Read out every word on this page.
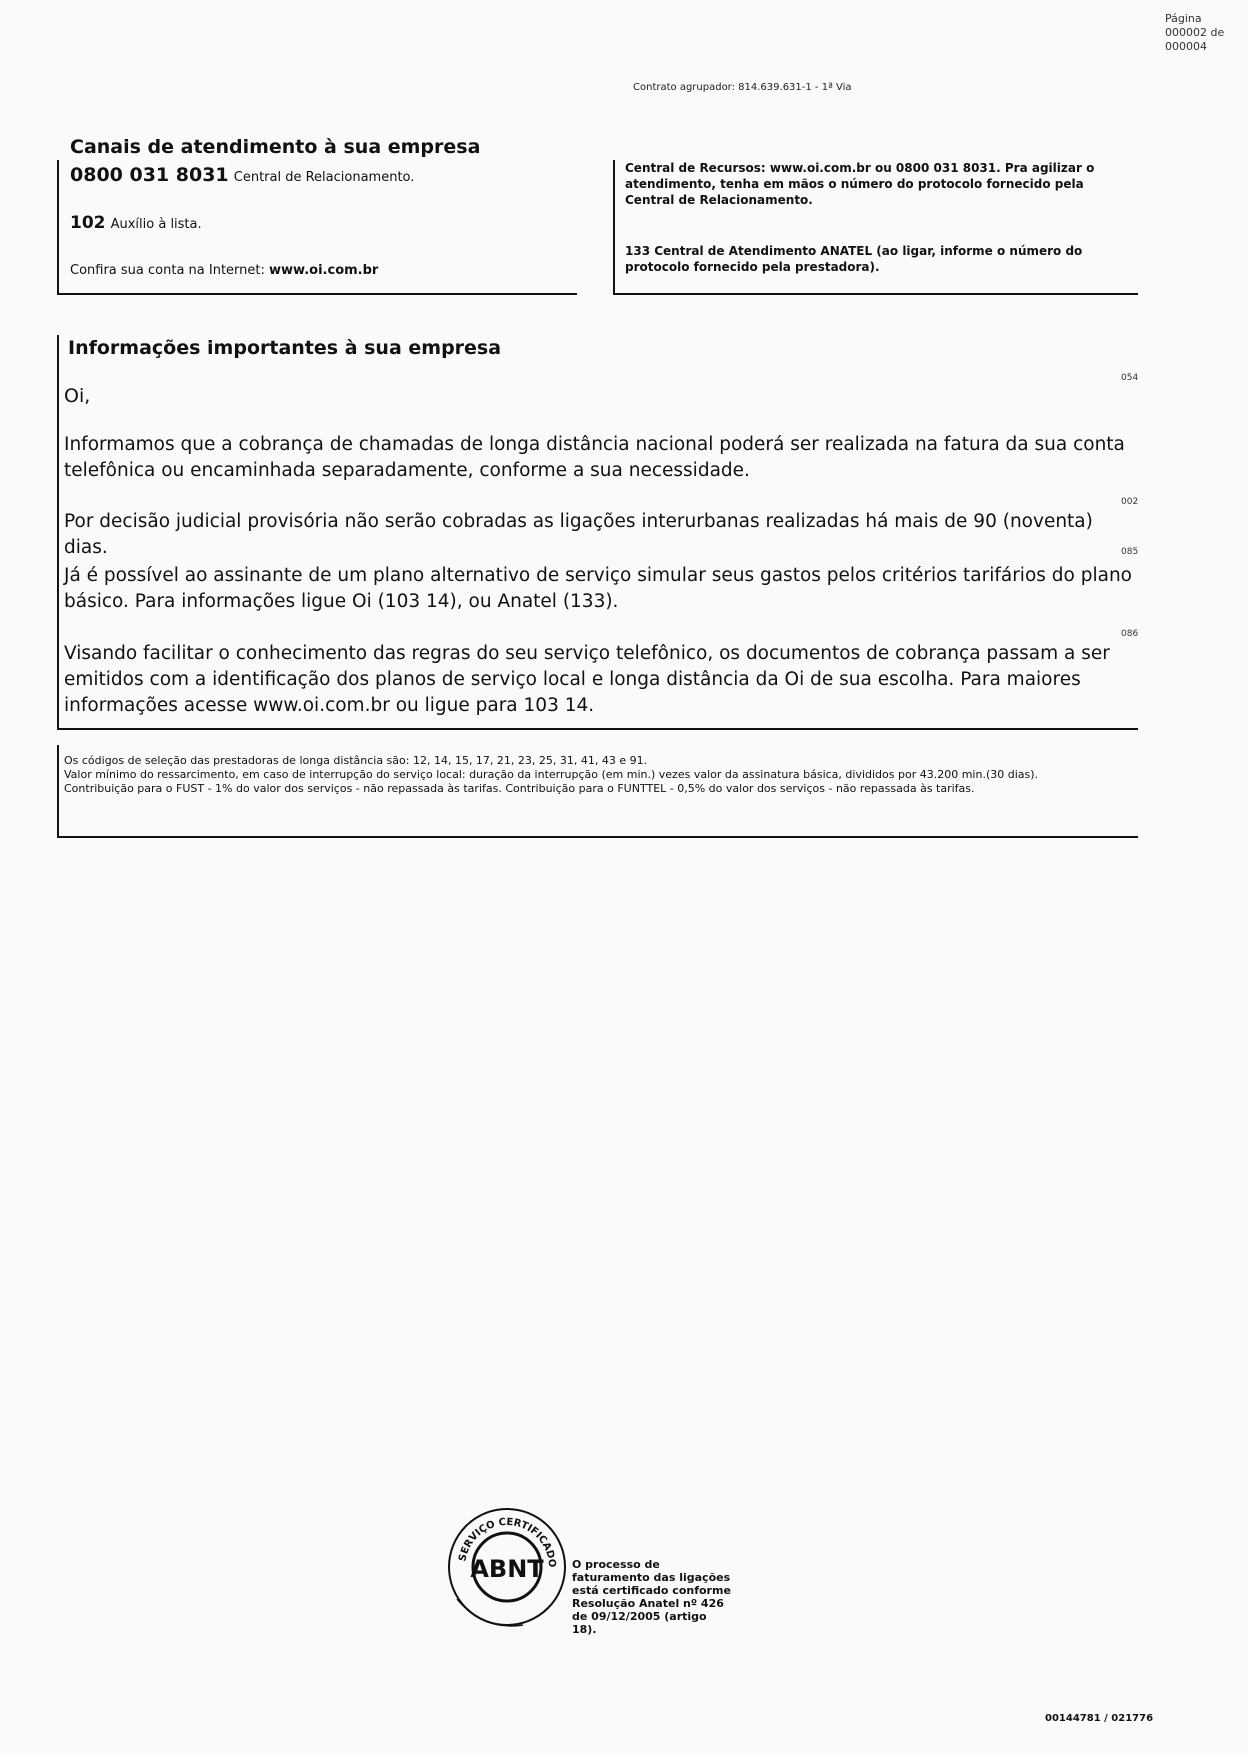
Página
000002 de
000004
Contrato agrupador: 814.639.631-1 - 1ª Via
Canais de atendimento à sua empresa
0800 031 8031 Central de Relacionamento.
102 Auxílio à lista.
Confira sua conta na Internet: www.oi.com.br
Central de Recursos: www.oi.com.br ou 0800 031 8031. Pra agilizar o atendimento, tenha em mãos o número do protocolo fornecido pela Central de Relacionamento.
133 Central de Atendimento ANATEL (ao ligar, informe o número do protocolo fornecido pela prestadora).
Informações importantes à sua empresa
054
002
085
086
Oi,
Informamos que a cobrança de chamadas de longa distância nacional poderá ser realizada na fatura da sua conta telefônica ou encaminhada separadamente, conforme a sua necessidade.
Por decisão judicial provisória não serão cobradas as ligações interurbanas realizadas há mais de 90 (noventa) dias.
Já é possível ao assinante de um plano alternativo de serviço simular seus gastos pelos critérios tarifários do plano básico. Para informações ligue Oi (103 14), ou Anatel (133).
Visando facilitar o conhecimento das regras do seu serviço telefônico, os documentos de cobrança passam a ser emitidos com a identificação dos planos de serviço local e longa distância da Oi de sua escolha. Para maiores informações acesse www.oi.com.br ou ligue para 103 14.
Os códigos de seleção das prestadoras de longa distância são: 12, 14, 15, 17, 21, 23, 25, 31, 41, 43 e 91.
Valor mínimo do ressarcimento, em caso de interrupção do serviço local: duração da interrupção (em min.) vezes valor da assinatura básica, divididos por 43.200 min.(30 dias).
Contribuição para o FUST - 1% do valor dos serviços - não repassada às tarifas. Contribuição para o FUNTTEL - 0,5% do valor dos serviços - não repassada às tarifas.
SERVIÇO CERTIFICADO
ABNT	O processo de faturamento das ligações está certificado conforme Resolução Anatel nº 426 de 09/12/2005 (artigo 18).
00144781 / 021776
